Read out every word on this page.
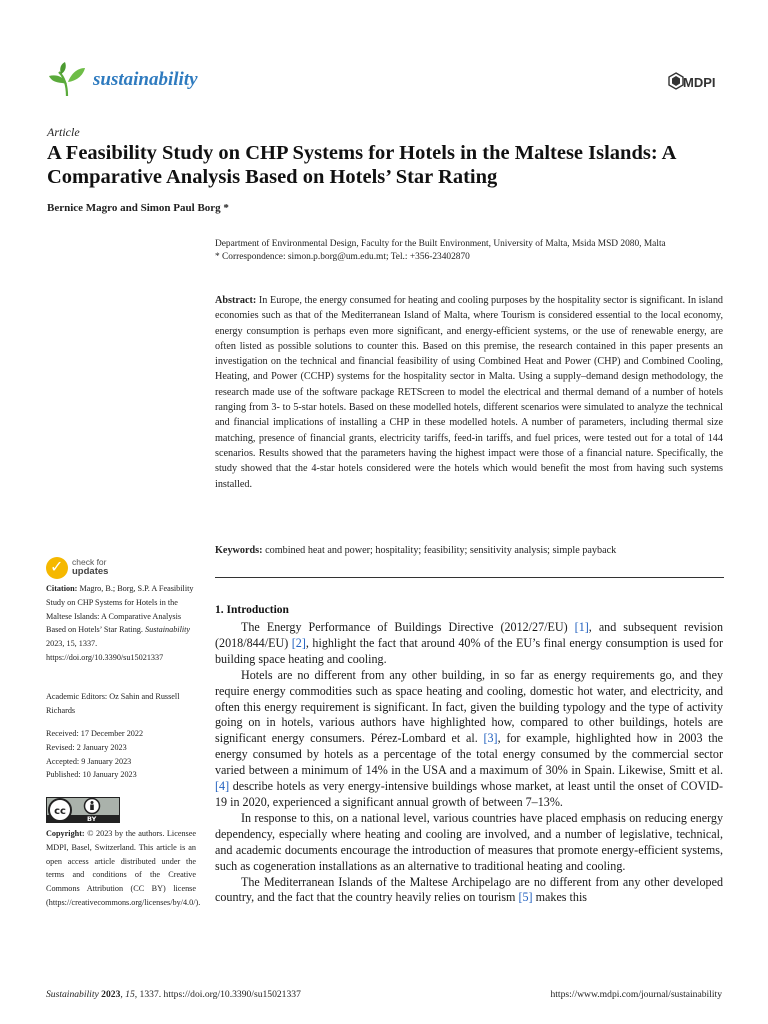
sustainability	MDPI
Article
A Feasibility Study on CHP Systems for Hotels in the Maltese Islands: A Comparative Analysis Based on Hotels’ Star Rating
Bernice Magro and Simon Paul Borg *
Department of Environmental Design, Faculty for the Built Environment, University of Malta, Msida MSD 2080, Malta
* Correspondence: simon.p.borg@um.edu.mt; Tel.: +356-23402870
Abstract: In Europe, the energy consumed for heating and cooling purposes by the hospitality sector is significant. In island economies such as that of the Mediterranean Island of Malta, where Tourism is considered essential to the local economy, energy consumption is perhaps even more significant, and energy-efficient systems, or the use of renewable energy, are often listed as possible solutions to counter this. Based on this premise, the research contained in this paper presents an investigation on the technical and financial feasibility of using Combined Heat and Power (CHP) and Combined Cooling, Heating, and Power (CCHP) systems for the hospitality sector in Malta. Using a supply–demand design methodology, the research made use of the software package RETScreen to model the electrical and thermal demand of a number of hotels ranging from 3- to 5-star hotels. Based on these modelled hotels, different scenarios were simulated to analyze the technical and financial implications of installing a CHP in these modelled hotels. A number of parameters, including thermal size matching, presence of financial grants, electricity tariffs, feed-in tariffs, and fuel prices, were tested out for a total of 144 scenarios. Results showed that the parameters having the highest impact were those of a financial nature. Specifically, the study showed that the 4-star hotels considered were the hotels which would benefit the most from having such systems installed.
Keywords: combined heat and power; hospitality; feasibility; sensitivity analysis; simple payback
✓ check for
updates
Citation: Magro, B.; Borg, S.P. A Feasibility Study on CHP Systems for Hotels in the Maltese Islands: A Comparative Analysis Based on Hotels’ Star Rating. Sustainability 2023, 15, 1337. https://doi.org/10.3390/su15021337
Academic Editors: Oz Sahin and Russell Richards
Received: 17 December 2022
Revised: 2 January 2023
Accepted: 9 January 2023
Published: 10 January 2023
cc
BY
Copyright: © 2023 by the authors. Licensee MDPI, Basel, Switzerland. This article is an open access article distributed under the terms and conditions of the Creative Commons Attribution (CC BY) license (https://creativecommons.org/licenses/by/4.0/).
1. Introduction

The Energy Performance of Buildings Directive (2012/27/EU) [1], and subsequent revision (2018/844/EU) [2], highlight the fact that around 40% of the EU’s final energy consumption is used for building space heating and cooling.

Hotels are no different from any other building, in so far as energy requirements go, and they require energy commodities such as space heating and cooling, domestic hot water, and electricity, and often this energy requirement is significant. In fact, given the building typology and the type of activity going on in hotels, various authors have highlighted how, compared to other buildings, hotels are significant energy consumers. Pérez-Lombard et al. [3], for example, highlighted how in 2003 the energy consumed by hotels as a percentage of the total energy consumed by the commercial sector varied between a minimum of 14% in the USA and a maximum of 30% in Spain. Likewise, Smitt et al. [4] describe hotels as very energy-intensive buildings whose market, at least until the onset of COVID-19 in 2020, experienced a significant annual growth of between 7–13%.

In response to this, on a national level, various countries have placed emphasis on reducing energy dependency, especially where heating and cooling are involved, and a number of legislative, technical, and academic documents encourage the introduction of measures that promote energy-efficient systems, such as cogeneration installations as an alternative to traditional heating and cooling.

The Mediterranean Islands of the Maltese Archipelago are no different from any other developed country, and the fact that the country heavily relies on tourism [5] makes this

Sustainability 2023, 15, 1337. https://doi.org/10.3390/su15021337	https://www.mdpi.com/journal/sustainability
